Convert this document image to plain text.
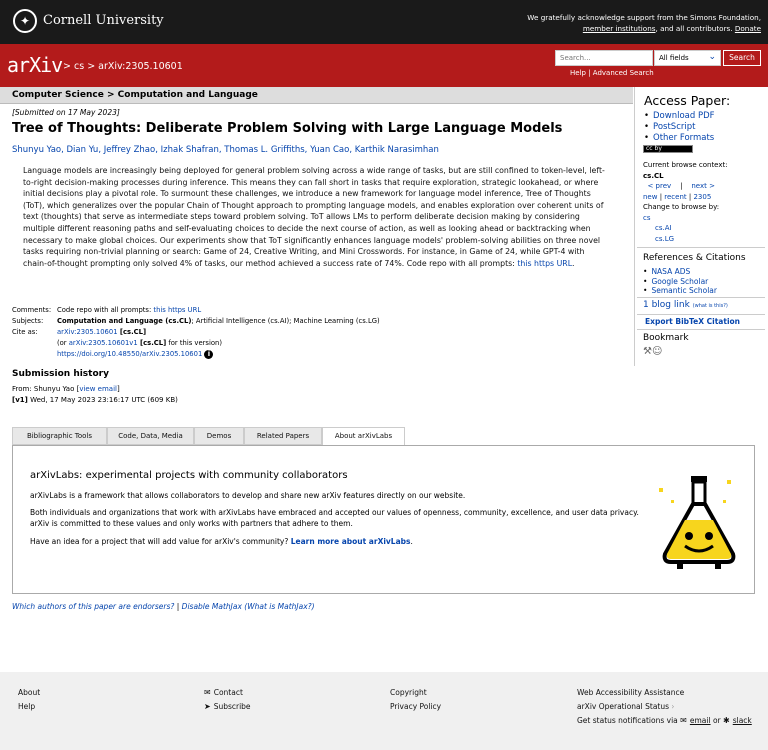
✦ Cornell University	We gratefully acknowledge support from the Simons Foundation,
member institutions, and all contributors. Donate
arXiv > cs > arXiv:2305.10601
Search...
All fields ⌄	Search
Help | Advanced Search
Computer Science > Computation and Language
[Submitted on 17 May 2023]
Tree of Thoughts: Deliberate Problem Solving with Large Language Models
Shunyu Yao, Dian Yu, Jeffrey Zhao, Izhak Shafran, Thomas L. Griffiths, Yuan Cao, Karthik Narasimhan
Language models are increasingly being deployed for general problem solving across a wide range of tasks, but are still confined to token-level, left-to-right decision-making processes during inference. This means they can fall short in tasks that require exploration, strategic lookahead, or where initial decisions play a pivotal role. To surmount these challenges, we introduce a new framework for language model inference, Tree of Thoughts (ToT), which generalizes over the popular Chain of Thought approach to prompting language models, and enables exploration over coherent units of text (thoughts) that serve as intermediate steps toward problem solving. ToT allows LMs to perform deliberate decision making by considering multiple different reasoning paths and self-evaluating choices to decide the next course of action, as well as looking ahead or backtracking when necessary to make global choices. Our experiments show that ToT significantly enhances language models' problem-solving abilities on three novel tasks requiring non-trivial planning or search: Game of 24, Creative Writing, and Mini Crosswords. For instance, in Game of 24, while GPT-4 with chain-of-thought prompting only solved 4% of tasks, our method achieved a success rate of 74%. Code repo with all prompts: this https URL.
Comments: Code repo with all prompts: this https URL
Subjects: Computation and Language (cs.CL); Artificial Intelligence (cs.AI); Machine Learning (cs.LG)
Cite as:	arXiv:2305.10601 [cs.CL]
(or arXiv:2305.10601v1 [cs.CL] for this version)
https://doi.org/10.48550/arXiv.2305.10601 i
Submission history
From: Shunyu Yao [view email]
[v1] Wed, 17 May 2023 23:16:17 UTC (609 KB)
Bibliographic Tools	Code, Data, Media	Demos	Related Papers	About arXivLabs
arXivLabs: experimental projects with community collaborators
arXivLabs is a framework that allows collaborators to develop and share new arXiv features directly on our website.
Both individuals and organizations that work with arXivLabs have embraced and accepted our values of openness, community, excellence, and user data privacy. arXiv is committed to these values and only works with partners that adhere to them.
Have an idea for a project that will add value for arXiv's community? Learn more about arXivLabs.
Which authors of this paper are endorsers? | Disable MathJax (What is MathJax?)
Access Paper:
• Download PDF
• PostScript
• Other Formats
cc by
Current browse context:
cs.CL
< prev | next >
new | recent | 2305
Change to browse by:
cs
cs.AI
cs.LG
References & Citations
• NASA ADS
• Google Scholar
• Semantic Scholar
1 blog link (what is this?)
Export BibTeX Citation
Bookmark
⚒☺
About
Help
✉ Contact
➤ Subscribe
Copyright
Privacy Policy
Web Accessibility Assistance
arXiv Operational Status ›
Get status notifications via ✉ email or ✱ slack
